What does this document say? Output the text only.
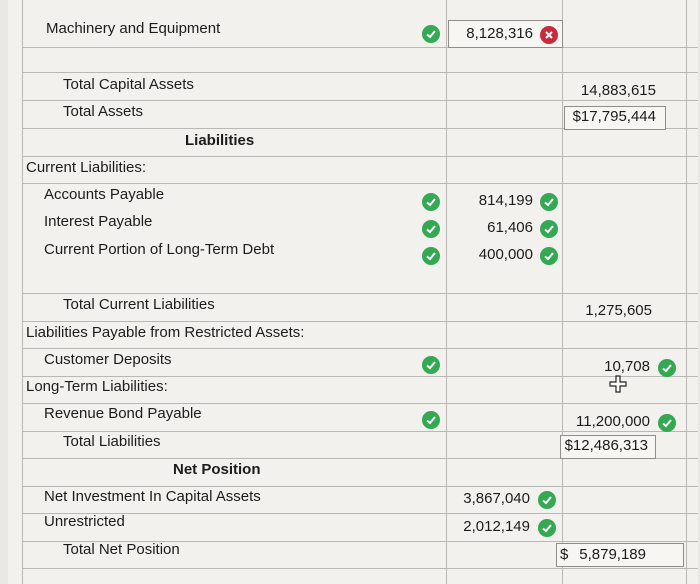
Machinery and Equipment	8,128,316
Total Capital Assets	14,883,615
Total Assets	$17,795,444
Liabilities
Current Liabilities:
Accounts Payable	814,199
Interest Payable	61,406
Current Portion of Long-Term Debt	400,000
Total Current Liabilities	1,275,605
Liabilities Payable from Restricted Assets:
Customer Deposits	10,708
Long-Term Liabilities:
Revenue Bond Payable	11,200,000
Total Liabilities	$12,486,313
Net Position
Net Investment In Capital Assets	3,867,040
Unrestricted	2,012,149
Total Net Position	$ 5,879,189
